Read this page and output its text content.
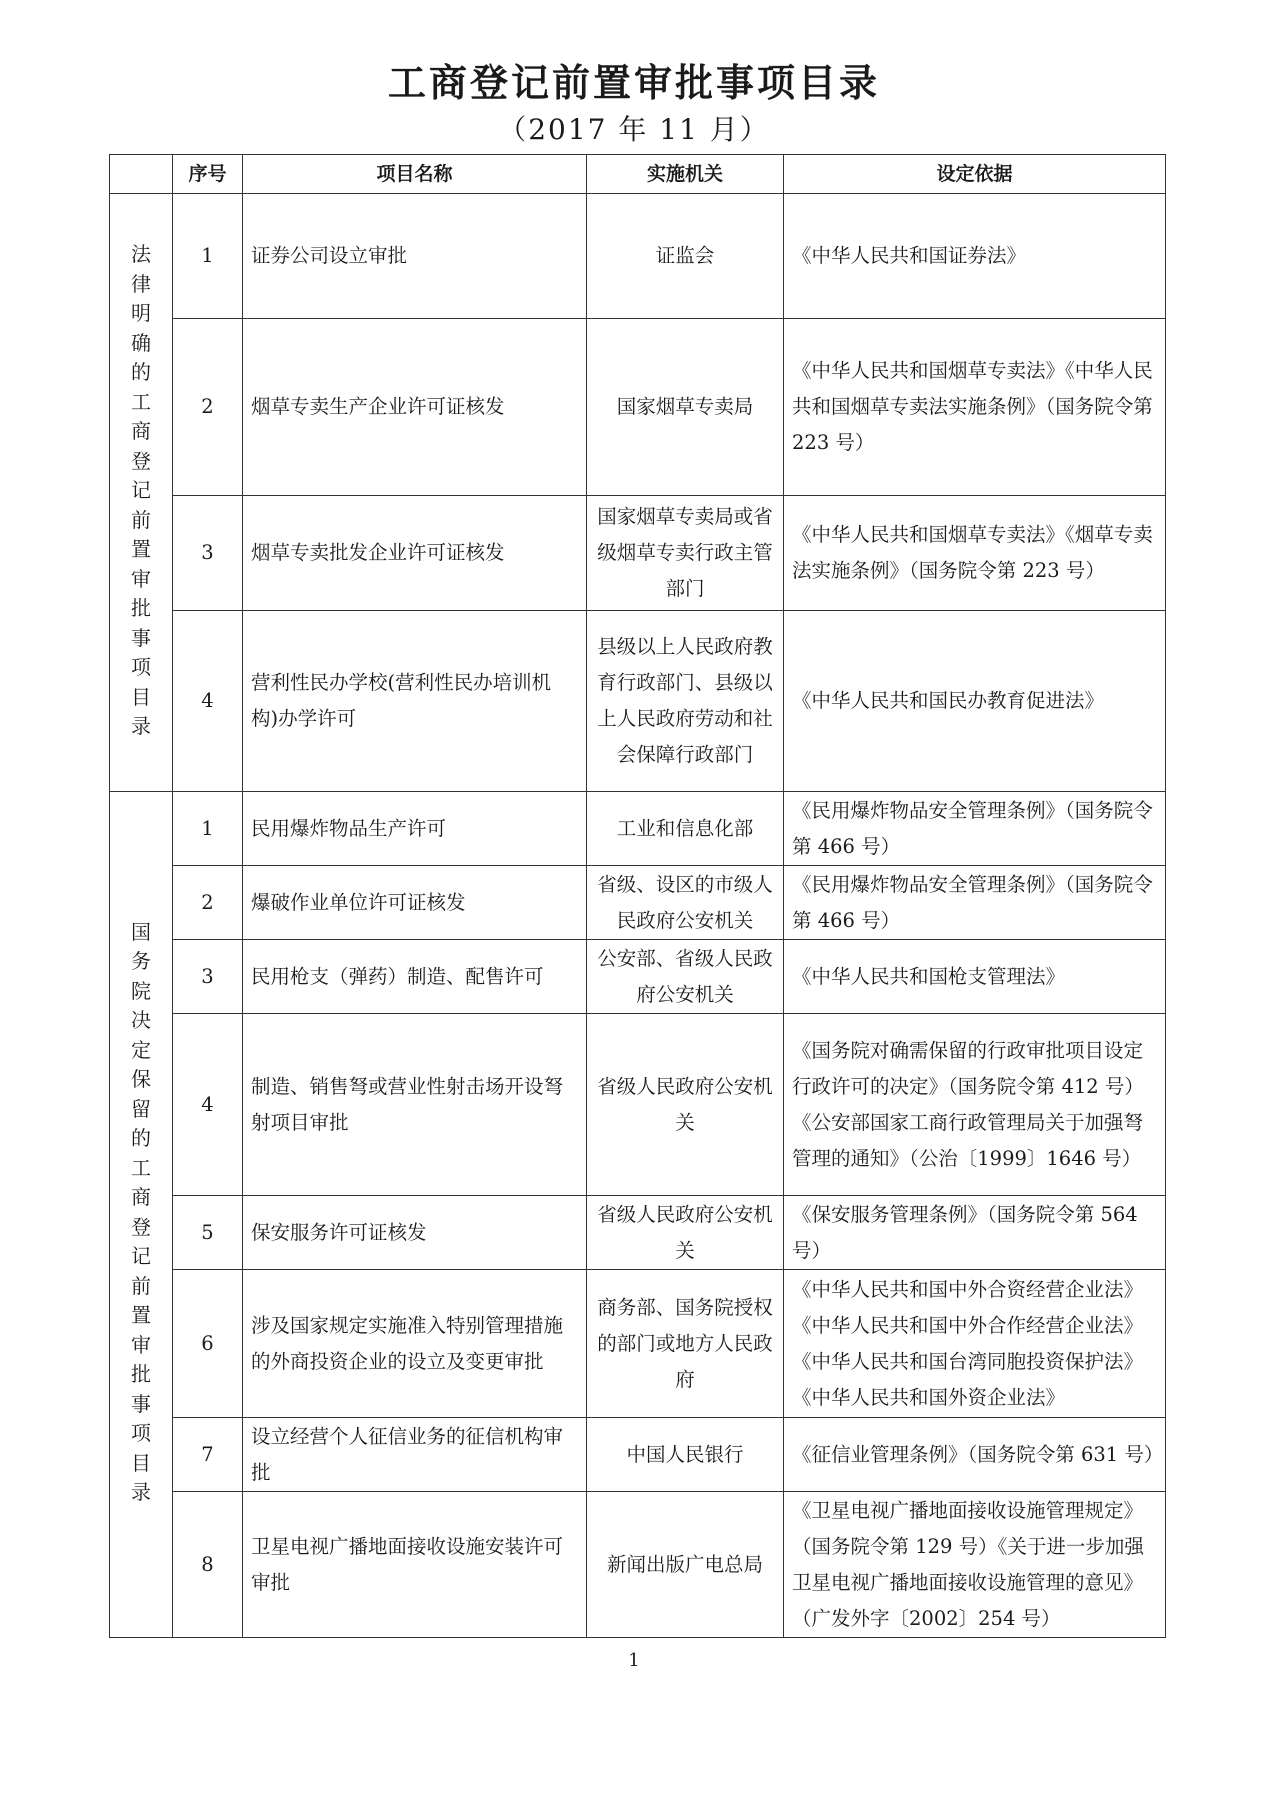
工商登记前置审批事项目录
（2017 年 11 月）
	序号	项目名称	实施机关	设定依据
法律明确的工商登记前置审批事项目录	1	证券公司设立审批	证监会	《中华人民共和国证券法》
	2	烟草专卖生产企业许可证核发	国家烟草专卖局	《中华人民共和国烟草专卖法》《中华人民共和国烟草专卖法实施条例》（国务院令第 223 号）
	3	烟草专卖批发企业许可证核发	国家烟草专卖局或省级烟草专卖行政主管部门	《中华人民共和国烟草专卖法》《烟草专卖法实施条例》（国务院令第 223 号）
	4	营利性民办学校(营利性民办培训机构)办学许可	县级以上人民政府教育行政部门、县级以上人民政府劳动和社会保障行政部门	《中华人民共和国民办教育促进法》
国务院决定保留的工商登记前置审批事项目录	1	民用爆炸物品生产许可	工业和信息化部	《民用爆炸物品安全管理条例》（国务院令第 466 号）
	2	爆破作业单位许可证核发	省级、设区的市级人民政府公安机关	《民用爆炸物品安全管理条例》（国务院令第 466 号）
	3	民用枪支（弹药）制造、配售许可	公安部、省级人民政府公安机关	《中华人民共和国枪支管理法》
	4	制造、销售弩或营业性射击场开设弩射项目审批	省级人民政府公安机关	《国务院对确需保留的行政审批项目设定行政许可的决定》（国务院令第 412 号）《公安部国家工商行政管理局关于加强弩管理的通知》（公治〔1999〕1646 号）
	5	保安服务许可证核发	省级人民政府公安机关	《保安服务管理条例》（国务院令第 564 号）
	6	涉及国家规定实施准入特别管理措施的外商投资企业的设立及变更审批	商务部、国务院授权的部门或地方人民政府	《中华人民共和国中外合资经营企业法》《中华人民共和国中外合作经营企业法》《中华人民共和国台湾同胞投资保护法》《中华人民共和国外资企业法》
	7	设立经营个人征信业务的征信机构审批	中国人民银行	《征信业管理条例》（国务院令第 631 号）
	8	卫星电视广播地面接收设施安装许可审批	新闻出版广电总局	《卫星电视广播地面接收设施管理规定》（国务院令第 129 号）《关于进一步加强卫星电视广播地面接收设施管理的意见》（广发外字〔2002〕254 号）
1
